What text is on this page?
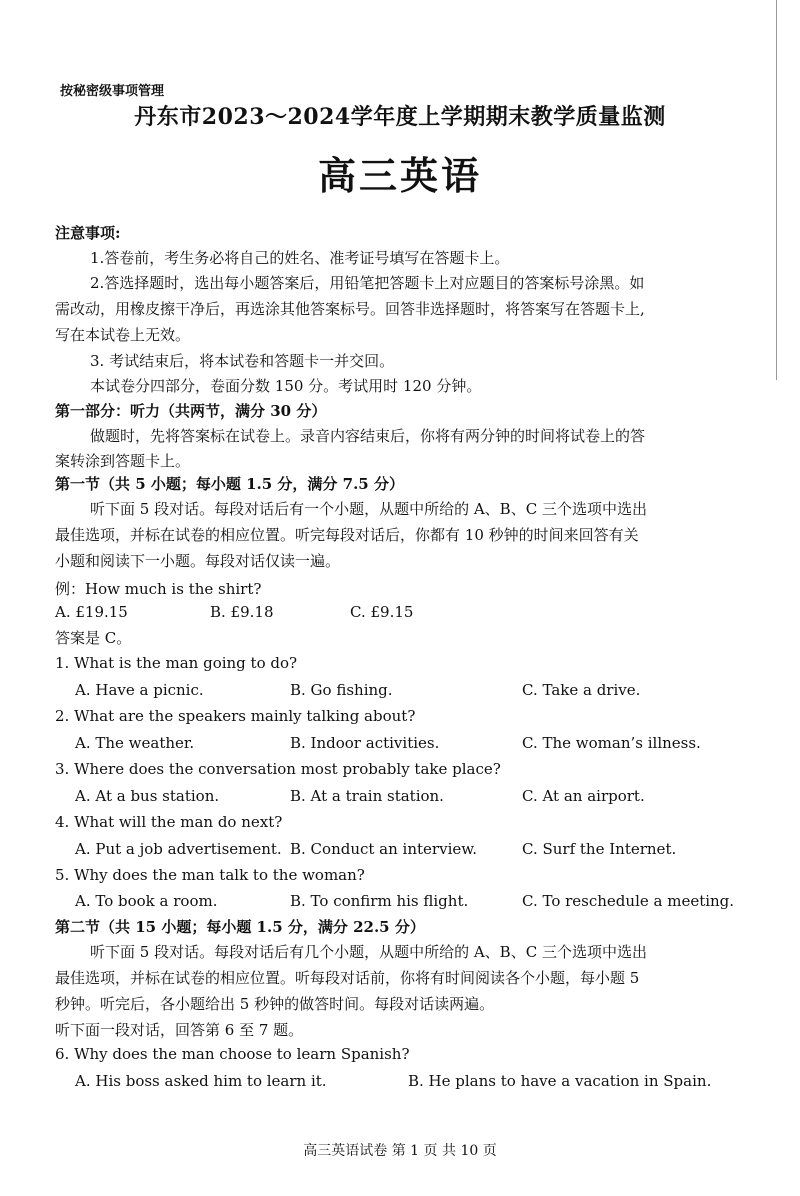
按秘密级事项管理
丹东市2023～2024学年度上学期期末教学质量监测
高三英语
注意事项:
1.答卷前，考生务必将自己的姓名、准考证号填写在答题卡上。
2.答选择题时，选出每小题答案后，用铅笔把答题卡上对应题目的答案标号涂黑。如
需改动，用橡皮擦干净后，再选涂其他答案标号。回答非选择题时，将答案写在答题卡上,
写在本试卷上无效。
3. 考试结束后，将本试卷和答题卡一并交回。
本试卷分四部分，卷面分数 150 分。考试用时 120 分钟。
第一部分：听力（共两节，满分 30 分）
做题时，先将答案标在试卷上。录音内容结束后，你将有两分钟的时间将试卷上的答
案转涂到答题卡上。
第一节（共 5 小题；每小题 1.5 分，满分 7.5 分）
听下面 5 段对话。每段对话后有一个小题，从题中所给的 A、B、C 三个选项中选出
最佳选项，并标在试卷的相应位置。听完每段对话后，你都有 10 秒钟的时间来回答有关
小题和阅读下一小题。每段对话仅读一遍。
例：How much is the shirt?
A. £19.15	B. £9.18	C. £9.15
答案是 C。
1. What is the man going to do?
A. Have a picnic.	B. Go fishing.	C. Take a drive.
2. What are the speakers mainly talking about?
A. The weather.	B. Indoor activities.	C. The woman’s illness.
3. Where does the conversation most probably take place?
A. At a bus station.	B. At a train station.	C. At an airport.
4. What will the man do next?
A. Put a job advertisement. B. Conduct an interview.	C. Surf the Internet.
5. Why does the man talk to the woman?
A. To book a room.	B. To confirm his flight.	C. To reschedule a meeting.
第二节（共 15 小题；每小题 1.5 分，满分 22.5 分）
听下面 5 段对话。每段对话后有几个小题，从题中所给的 A、B、C 三个选项中选出
最佳选项，并标在试卷的相应位置。听每段对话前，你将有时间阅读各个小题，每小题 5
秒钟。听完后，各小题给出 5 秒钟的做答时间。每段对话读两遍。
听下面一段对话，回答第 6 至 7 题。
6. Why does the man choose to learn Spanish?
A. His boss asked him to learn it.	B. He plans to have a vacation in Spain.
高三英语试卷 第 1 页 共 10 页
